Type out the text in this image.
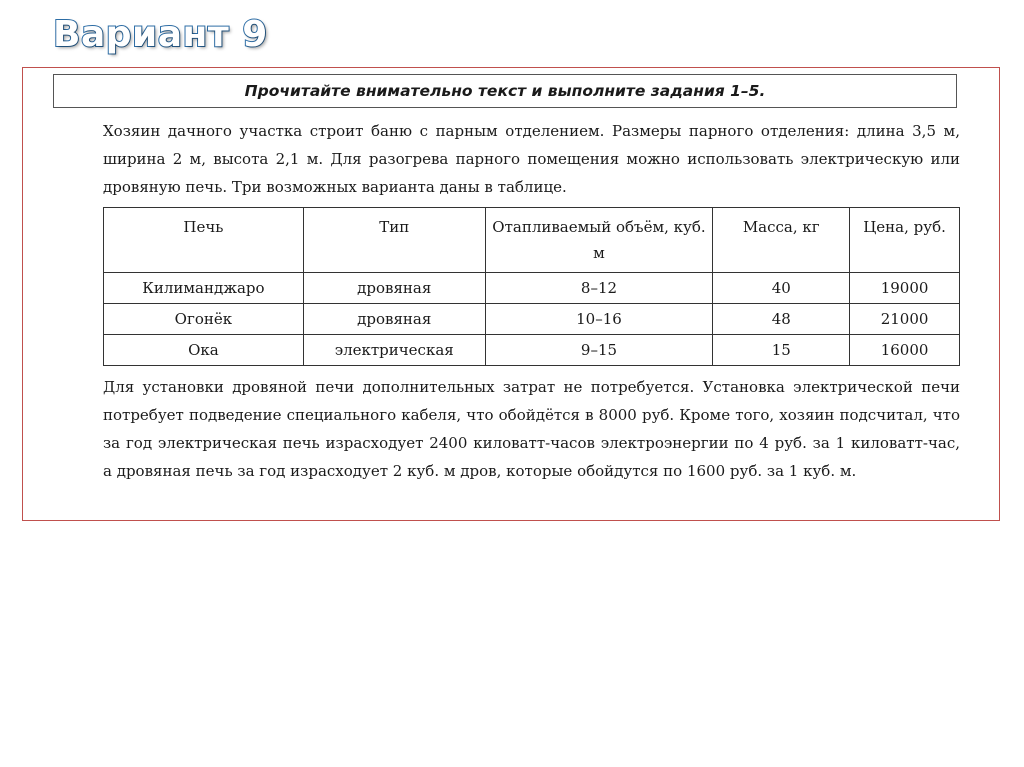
Вариант 9
Прочитайте внимательно текст и выполните задания 1–5.
Хозяин дачного участка строит баню с парным отделением. Размеры парного отделения: длина 3,5 м, ширина 2 м, высота 2,1 м. Для разогрева парного помещения можно использовать электрическую или дровяную печь. Три возможных варианта даны в таблице.
Печь	Тип	Отапливаемый объём, куб. м	Масса, кг	Цена, руб.
Килиманджаро	дровяная	8–12	40	19000
Огонёк	дровяная	10–16	48	21000
Ока	электрическая	9–15	15	16000
Для установки дровяной печи дополнительных затрат не потребуется. Установка электрической печи потребует подведение специального кабеля, что обойдётся в 8000 руб. Кроме того, хозяин подсчитал, что за год электрическая печь израсходует 2400 киловатт-часов электроэнергии по 4 руб. за 1 киловатт-час, а дровяная печь за год израсходует 2 куб. м дров, которые обойдутся по 1600 руб. за 1 куб. м.
